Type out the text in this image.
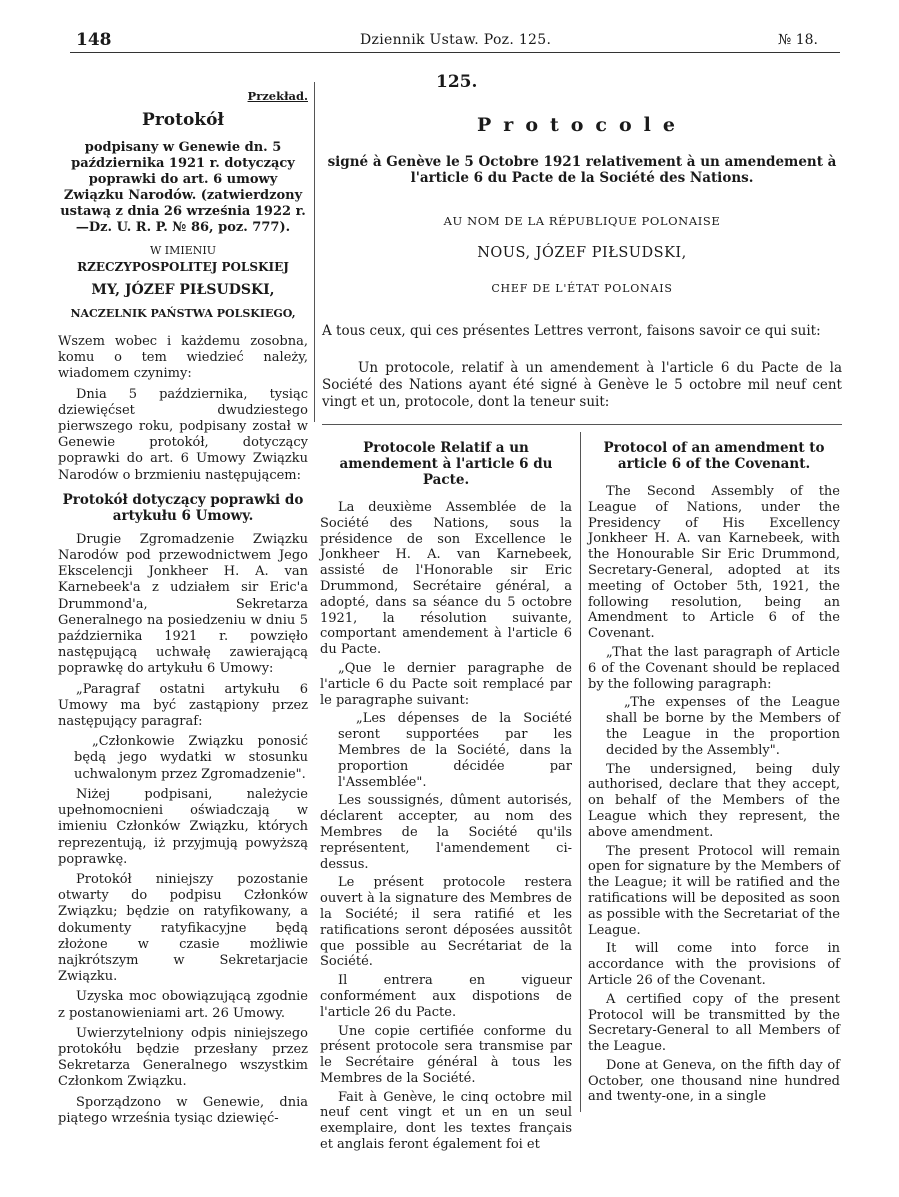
148	Dziennik Ustaw. Poz. 125.	№ 18.
Przekład.
Protokół
podpisany w Genewie dn. 5 października 1921 r. dotyczący poprawki do art. 6 umowy Związku Narodów. (zatwierdzony ustawą z dnia 26 września 1922 r.—Dz. U. R. P. № 86, poz. 777).
W IMIENIU
RZECZYPOSPOLITEJ POLSKIEJ
MY, JÓZEF PIŁSUDSKI,
NACZELNIK PAŃSTWA POLSKIEGO,

Wszem wobec i każdemu zosobna, komu o tem wiedzieć należy, wiadomem czynimy:

Dnia 5 października, tysiąc dziewięćset dwudziestego pierwszego roku, podpisany został w Genewie protokół, dotyczący poprawki do art. 6 Umowy Związku Narodów o brzmieniu następującem:

Protokół dotyczący poprawki do artykułu 6 Umowy.

Drugie Zgromadzenie Związku Narodów pod przewodnictwem Jego Ekscelencji Jonkheer H. A. van Karnebeek'a z udziałem sir Eric'a Drummond'a, Sekretarza Generalnego na posiedzeniu w dniu 5 października 1921 r. powzięło następującą uchwałę zawierającą poprawkę do artykułu 6 Umowy:

„Paragraf ostatni artykułu 6 Umowy ma być zastąpiony przez następujący paragraf:

„Członkowie Związku ponosić będą jego wydatki w stosunku uchwalonym przez Zgromadzenie".

Niżej podpisani, należycie upełnomocnieni oświadczają w imieniu Członków Związku, których reprezentują, iż przyjmują powyższą poprawkę.

Protokół niniejszy pozostanie otwarty do podpisu Członków Związku; będzie on ratyfikowany, a dokumenty ratyfikacyjne będą złożone w czasie możliwie najkrótszym w Sekretarjacie Związku.

Uzyska moc obowiązującą zgodnie z postanowieniami art. 26 Umowy.

Uwierzytelniony odpis niniejszego protokółu będzie przesłany przez Sekretarza Generalnego wszystkim Członkom Związku.

Sporządzono w Genewie, dnia piątego września tysiąc dziewięć-

125.
Protocole
signé à Genève le 5 Octobre 1921 relativement à un amendement à l'article 6 du Pacte de la Société des Nations.
AU NOM DE LA RÉPUBLIQUE POLONAISE
NOUS, JÓZEF PIŁSUDSKI,
CHEF DE L'ÉTAT POLONAIS
A tous ceux, qui ces présentes Lettres verront, faisons savoir ce qui suit:
Un protocole, relatif à un amendement à l'article 6 du Pacte de la Société des Nations ayant été signé à Genève le 5 octobre mil neuf cent vingt et un, protocole, dont la teneur suit:
Protocole Relatif a un amendement à l'article 6 du Pacte.

La deuxième Assemblée de la Société des Nations, sous la présidence de son Excellence le Jonkheer H. A. van Karnebeek, assisté de l'Honorable sir Eric Drummond, Secrétaire général, a adopté, dans sa séance du 5 octobre 1921, la résolution suivante, comportant amendement à l'article 6 du Pacte.

„Que le dernier paragraphe de l'article 6 du Pacte soit remplacé par le paragraphe suivant:

„Les dépenses de la Société seront supportées par les Membres de la Société, dans la proportion décidée par l'Assemblée".

Les soussignés, dûment autorisés, déclarent accepter, au nom des Membres de la Société qu'ils représentent, l'amendement ci-dessus.

Le présent protocole restera ouvert à la signature des Membres de la Société; il sera ratifié et les ratifications seront déposées aussitôt que possible au Secrétariat de la Société.

Il entrera en vigueur conformément aux dispotions de l'article 26 du Pacte.

Une copie certifiée conforme du présent protocole sera transmise par le Secrétaire général à tous les Membres de la Société.

Fait à Genève, le cinq octobre mil neuf cent vingt et un en un seul exemplaire, dont les textes français et anglais feront également foi et

Protocol of an amendment to article 6 of the Covenant.

The Second Assembly of the League of Nations, under the Presidency of His Excellency Jonkheer H. A. van Karnebeek, with the Honourable Sir Eric Drummond, Secretary-General, adopted at its meeting of October 5th, 1921, the following resolution, being an Amendment to Article 6 of the Covenant.

„That the last paragraph of Article 6 of the Covenant should be replaced by the following paragraph:

„The expenses of the League shall be borne by the Members of the League in the proportion decided by the Assembly".

The undersigned, being duly authorised, declare that they accept, on behalf of the Members of the League which they represent, the above amendment.

The present Protocol will remain open for signature by the Members of the League; it will be ratified and the ratifications will be deposited as soon as possible with the Secretariat of the League.

It will come into force in accordance with the provisions of Article 26 of the Covenant.

A certified copy of the present Protocol will be transmitted by the Secretary-General to all Members of the League.

Done at Geneva, on the fifth day of October, one thousand nine hundred and twenty-one, in a single
